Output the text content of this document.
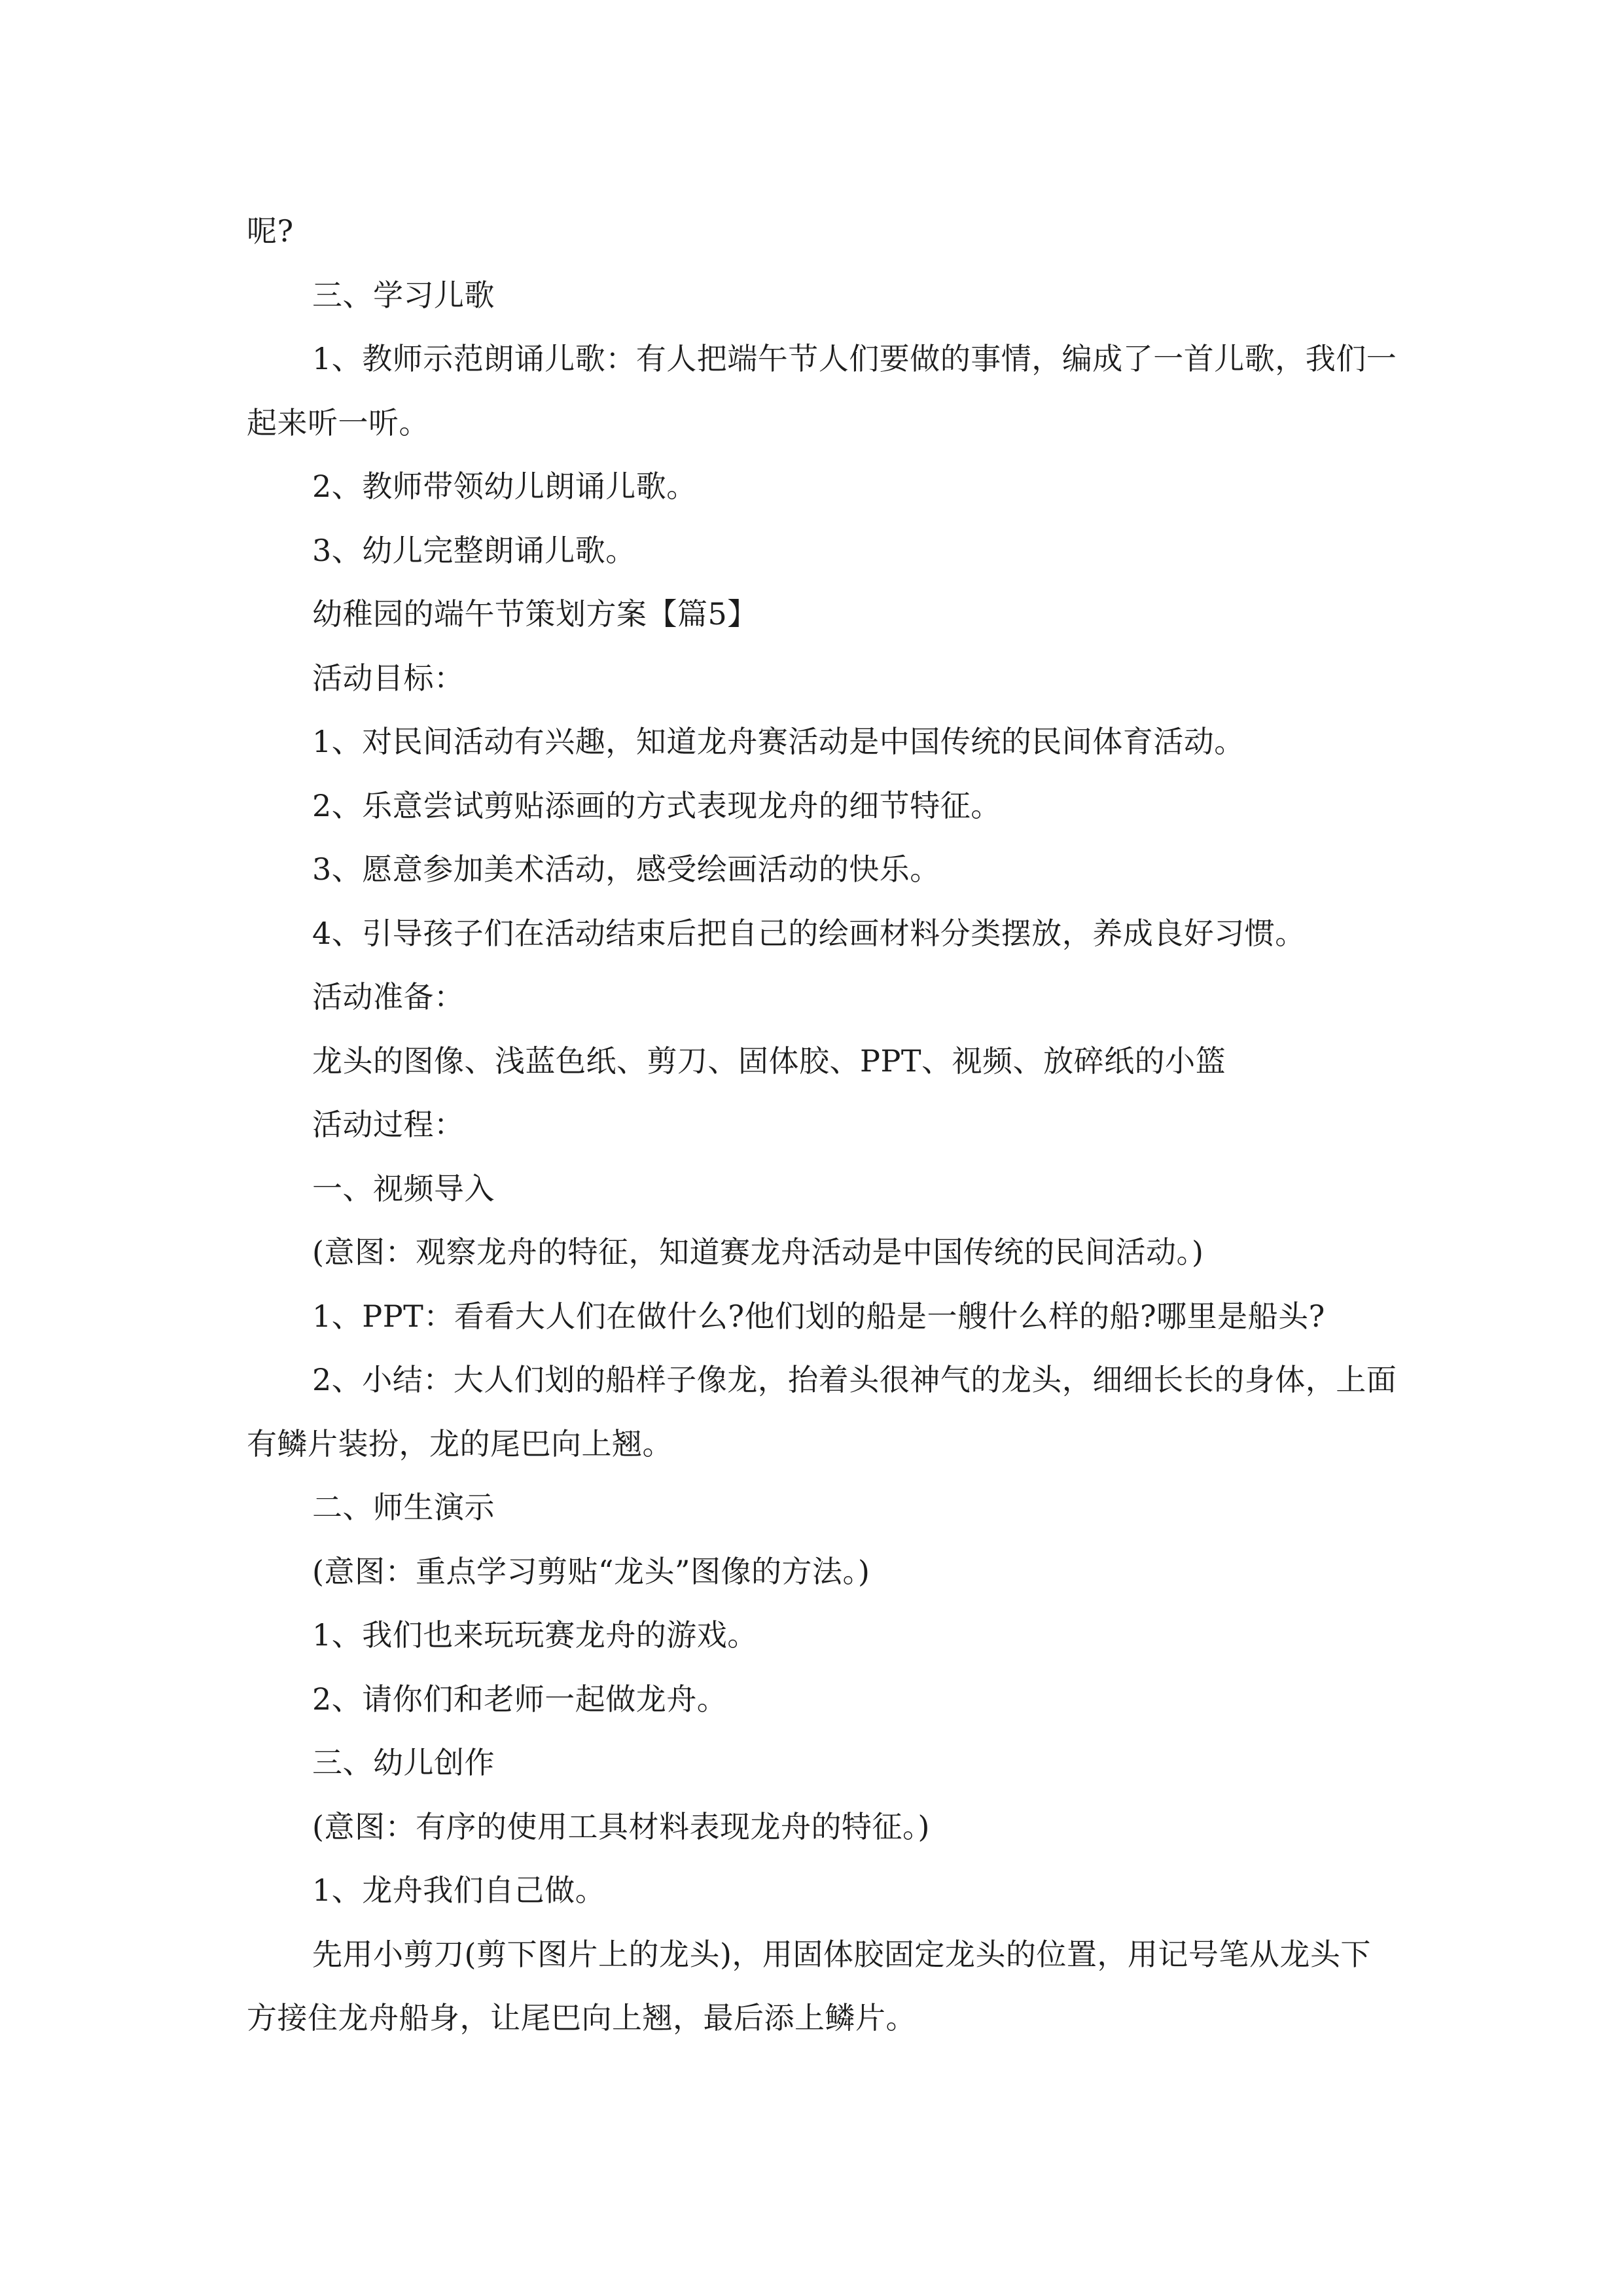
呢?

三、学习儿歌

1、教师示范朗诵儿歌：有人把端午节人们要做的事情，编成了一首儿歌，我们一起来听一听。

2、教师带领幼儿朗诵儿歌。

3、幼儿完整朗诵儿歌。

幼稚园的端午节策划方案【篇5】

活动目标：

1、对民间活动有兴趣，知道龙舟赛活动是中国传统的民间体育活动。

2、乐意尝试剪贴添画的方式表现龙舟的细节特征。

3、愿意参加美术活动，感受绘画活动的快乐。

4、引导孩子们在活动结束后把自己的绘画材料分类摆放，养成良好习惯。

活动准备：

龙头的图像、浅蓝色纸、剪刀、固体胶、PPT、视频、放碎纸的小篮

活动过程：

一、视频导入

(意图：观察龙舟的特征，知道赛龙舟活动是中国传统的民间活动。)

1、PPT：看看大人们在做什么?他们划的船是一艘什么样的船?哪里是船头?

2、小结：大人们划的船样子像龙，抬着头很神气的龙头，细细长长的身体，上面有鳞片装扮，龙的尾巴向上翘。

二、师生演示

(意图：重点学习剪贴“龙头”图像的方法。)

1、我们也来玩玩赛龙舟的游戏。

2、请你们和老师一起做龙舟。

三、幼儿创作

(意图：有序的使用工具材料表现龙舟的特征。)

1、龙舟我们自己做。

先用小剪刀(剪下图片上的龙头)，用固体胶固定龙头的位置，用记号笔从龙头下方接住龙舟船身，让尾巴向上翘，最后添上鳞片。
